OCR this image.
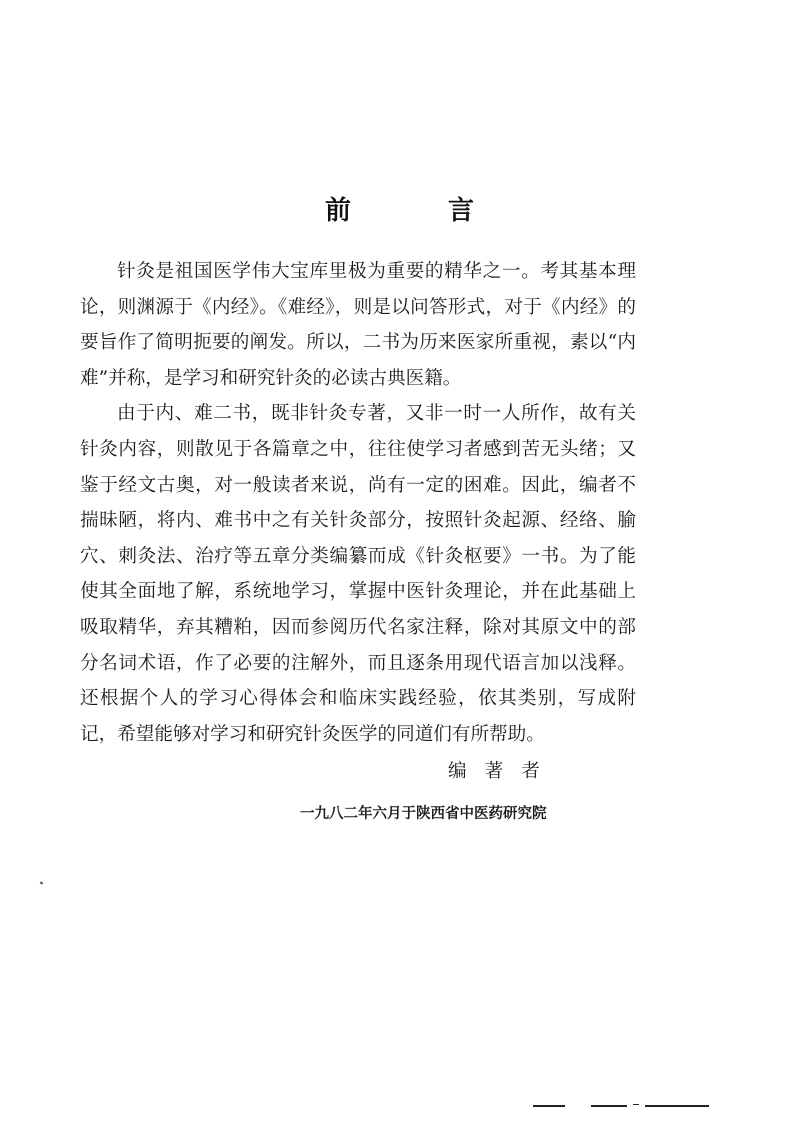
前 言

针灸是祖国医学伟大宝库里极为重要的精华之一。考其基本理论，则渊源于《内经》。《难经》，则是以问答形式，对于《内经》的要旨作了简明扼要的阐发。所以，二书为历来医家所重视，素以“内难”并称，是学习和研究针灸的必读古典医籍。

由于内、难二书，既非针灸专著，又非一时一人所作，故有关针灸内容，则散见于各篇章之中，往往使学习者感到苦无头绪；又鉴于经文古奥，对一般读者来说，尚有一定的困难。因此，编者不揣昧陋，将内、难书中之有关针灸部分，按照针灸起源、经络、腧穴、刺灸法、治疗等五章分类编纂而成《针灸枢要》一书。为了能使其全面地了解，系统地学习，掌握中医针灸理论，并在此基础上吸取精华，弃其糟粕，因而参阅历代名家注释，除对其原文中的部分名词术语，作了必要的注解外，而且逐条用现代语言加以浅释。还根据个人的学习心得体会和临床实践经验，依其类别，写成附记，希望能够对学习和研究针灸医学的同道们有所帮助。

编著者
一九八二年六月于陕西省中医药研究院
